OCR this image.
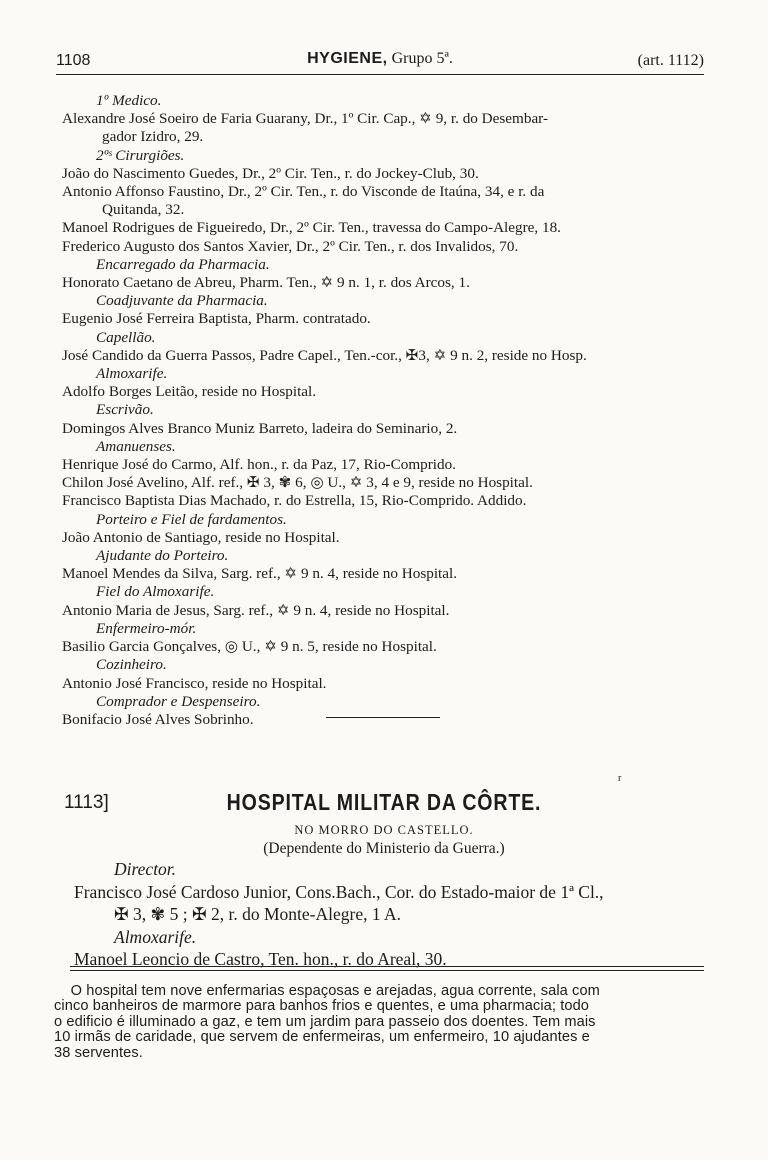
1108	HYGIENE, Grupo 5ª.	(art. 1112)
1º Medico.
Alexandre José Soeiro de Faria Guarany, Dr., 1º Cir. Cap., ✡ 9, r. do Desembar-
gador Izidro, 29.
2ºˢ Cirurgiões.
João do Nascimento Guedes, Dr., 2º Cir. Ten., r. do Jockey-Club, 30.Antonio Affonso Faustino, Dr., 2º Cir. Ten., r. do Visconde de Itaúna, 34, e r. da
Quitanda, 32.
Manoel Rodrigues de Figueiredo, Dr., 2º Cir. Ten., travessa do Campo-Alegre, 18.Frederico Augusto dos Santos Xavier, Dr., 2º Cir. Ten., r. dos Invalidos, 70.
Encarregado da Pharmacia.
Honorato Caetano de Abreu, Pharm. Ten., ✡ 9 n. 1, r. dos Arcos, 1.
Coadjuvante da Pharmacia.
Eugenio José Ferreira Baptista, Pharm. contratado.
Capellão.
José Candido da Guerra Passos, Padre Capel., Ten.-cor., ✠3, ✡ 9 n. 2, reside no Hosp.
Almoxarife.
Adolfo Borges Leitão, reside no Hospital.
Escrivão.
Domingos Alves Branco Muniz Barreto, ladeira do Seminario, 2.
Amanuenses.
Henrique José do Carmo, Alf. hon., r. da Paz, 17, Rio-Comprido.Chilon José Avelino, Alf. ref., ✠ 3, ✾ 6, ◎ U., ✡ 3, 4 e 9, reside no Hospital.Francisco Baptista Dias Machado, r. do Estrella, 15, Rio-Comprido. Addido.
Porteiro e Fiel de fardamentos.
João Antonio de Santiago, reside no Hospital.
Ajudante do Porteiro.
Manoel Mendes da Silva, Sarg. ref., ✡ 9 n. 4, reside no Hospital.
Fiel do Almoxarife.
Antonio Maria de Jesus, Sarg. ref., ✡ 9 n. 4, reside no Hospital.
Enfermeiro-mór.
Basilio Garcia Gonçalves, ◎ U., ✡ 9 n. 5, reside no Hospital.
Cozinheiro.
Antonio José Francisco, reside no Hospital.
Comprador e Despenseiro.
Bonifacio José Alves Sobrinho.
r
1113]	HOSPITAL MILITAR DA CÔRTE.
NO MORRO DO CASTELLO.
(Dependente do Ministerio da Guerra.)
Director.
Francisco José Cardoso Junior, Cons.Bach., Cor. do Estado-maior de 1ª Cl.,
✠ 3, ✾ 5 ; ✠ 2, r. do Monte-Alegre, 1 A.
Almoxarife.
Manoel Leoncio de Castro, Ten. hon., r. do Areal, 30.
O hospital tem nove enfermarias espaçosas e arejadas, agua corrente, sala com
cinco banheiros de marmore para banhos frios e quentes, e uma pharmacia; todo
o edificio é illuminado a gaz, e tem um jardim para passeio dos doentes. Tem mais
10 irmãs de caridade, que servem de enfermeiras, um enfermeiro, 10 ajudantes e
38 serventes.
